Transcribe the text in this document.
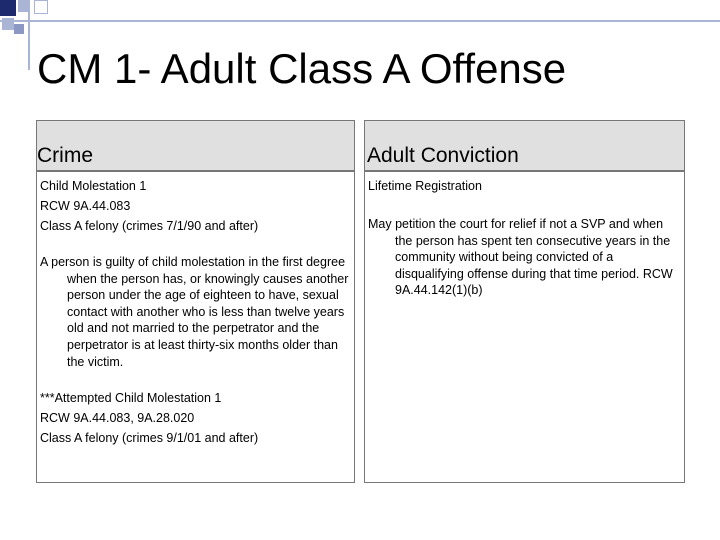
CM 1- Adult Class A Offense
Crime	Adult Conviction
Child Molestation 1
RCW 9A.44.083
Class A felony (crimes 7/1/90 and after)
A person is guilty of child molestation in the first degree when the person has, or knowingly causes another person under the age of eighteen to have, sexual contact with another who is less than twelve years old and not married to the perpetrator and the perpetrator is at least thirty-six months older than the victim.
***Attempted Child Molestation 1
RCW 9A.44.083, 9A.28.020
Class A felony (crimes 9/1/01 and after)
Lifetime Registration
May petition the court for relief if not a SVP and when the person has spent ten consecutive years in the community without being convicted of a disqualifying offense during that time period. RCW 9A.44.142(1)(b)
